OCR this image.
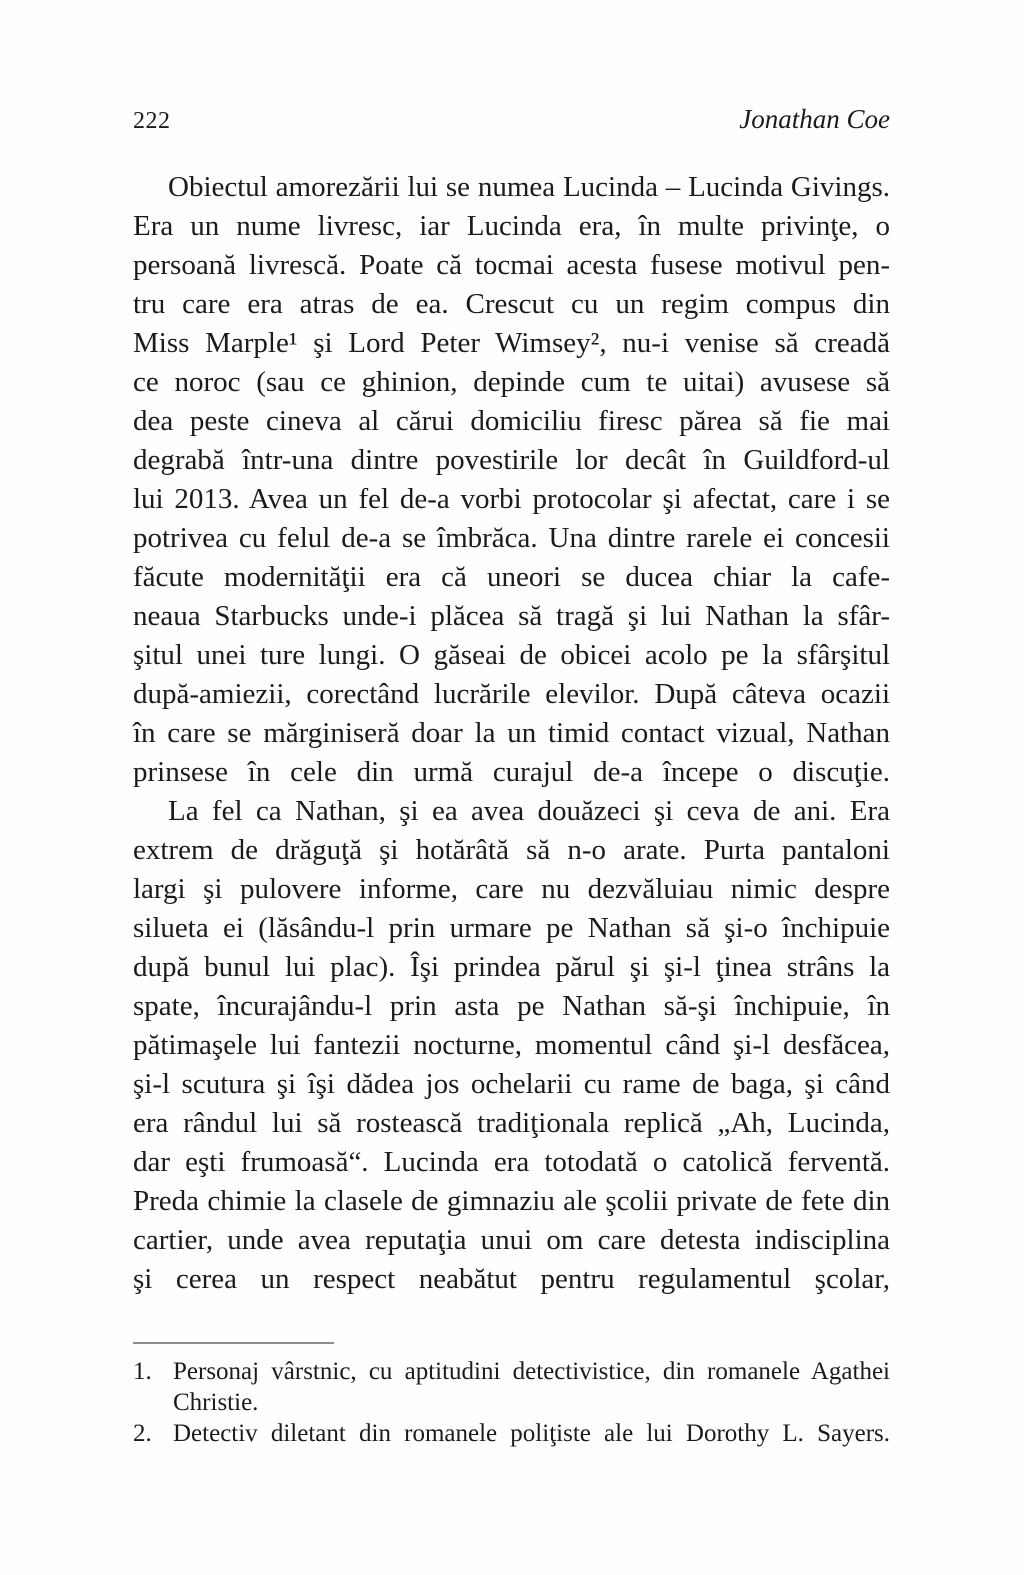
222	Jonathan Coe
Obiectul amorezării lui se numea Lucinda – Lucinda Givings.
Era un nume livresc, iar Lucinda era, în multe privinţe, o
persoană livrescă. Poate că tocmai acesta fusese motivul pen-
tru care era atras de ea. Crescut cu un regim compus din
Miss Marple¹ şi Lord Peter Wimsey², nu-i venise să creadă
ce noroc (sau ce ghinion, depinde cum te uitai) avusese să
dea peste cineva al cărui domiciliu firesc părea să fie mai
degrabă într-una dintre povestirile lor decât în Guildford-ul
lui 2013. Avea un fel de-a vorbi protocolar şi afectat, care i se
potrivea cu felul de-a se îmbrăca. Una dintre rarele ei concesii
făcute modernităţii era că uneori se ducea chiar la cafe-
neaua Starbucks unde-i plăcea să tragă şi lui Nathan la sfâr-
şitul unei ture lungi. O găseai de obicei acolo pe la sfârşitul
după-amiezii, corectând lucrările elevilor. După câteva ocazii
în care se mărginiseră doar la un timid contact vizual, Nathan
prinsese în cele din urmă curajul de-a începe o discuţie.
La fel ca Nathan, şi ea avea douăzeci şi ceva de ani. Era
extrem de drăguţă şi hotărâtă să n-o arate. Purta pantaloni
largi şi pulovere informe, care nu dezvăluiau nimic despre
silueta ei (lăsându-l prin urmare pe Nathan să şi-o închipuie
după bunul lui plac). Îşi prindea părul şi şi-l ţinea strâns la
spate, încurajându-l prin asta pe Nathan să-şi închipuie, în
pătimaşele lui fantezii nocturne, momentul când şi-l desfăcea,
şi-l scutura şi îşi dădea jos ochelarii cu rame de baga, şi când
era rândul lui să rostească tradiţionala replică „Ah, Lucinda,
dar eşti frumoasă“. Lucinda era totodată o catolică ferventă.
Preda chimie la clasele de gimnaziu ale şcolii private de fete din
cartier, unde avea reputaţia unui om care detesta indisciplina
şi cerea un respect neabătut pentru regulamentul şcolar,
1. Personaj vârstnic, cu aptitudini detectivistice, din romanele Agathei Christie.
2. Detectiv diletant din romanele poliţiste ale lui Dorothy L. Sayers.
